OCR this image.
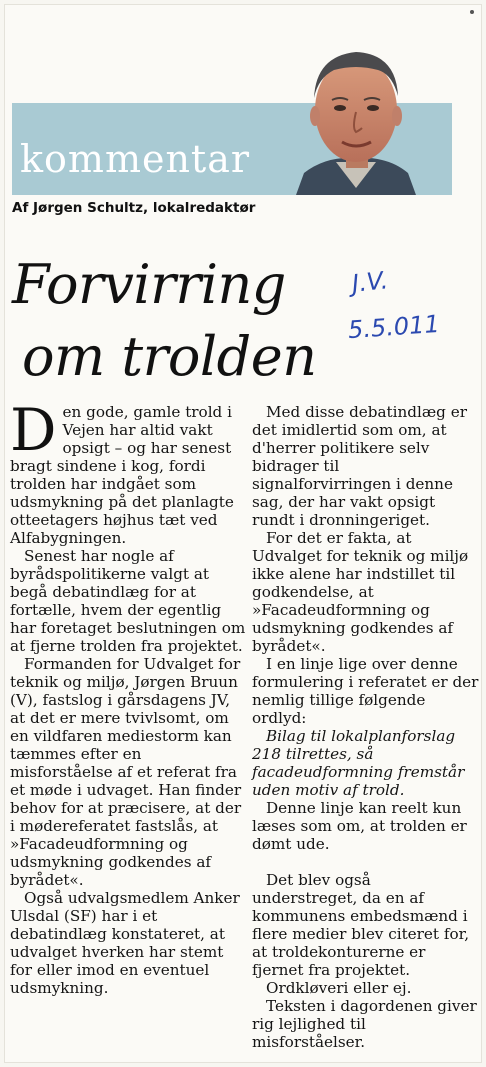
kommentar
Af Jørgen Schultz, lokalredaktør
Forvirring
om trolden
J.V.
5.5.011

Den gode, gamle trold i Vejen har altid vakt opsigt – og har senest bragt sindene i kog, fordi trolden har indgået som udsmykning på det planlagte otteetagers højhus tæt ved Alfabygningen.

Senest har nogle af byrådspolitikerne valgt at begå debatindlæg for at fortælle, hvem der egentlig har foretaget beslutningen om at fjerne trolden fra projektet.

Formanden for Udvalget for teknik og miljø, Jørgen Bruun (V), fastslog i gårsdagens JV, at det er mere tvivlsomt, om en vildfaren mediestorm kan tæmmes efter en misforståelse af et referat fra et møde i udvaget. Han finder behov for at præcisere, at der i mødereferatet fastslås, at »Facadeudformning og udsmykning godkendes af byrådet«.

Også udvalgsmedlem Anker Ulsdal (SF) har i et debatindlæg konstateret, at udvalget hverken har stemt for eller imod en eventuel udsmykning.

Med disse debatindlæg er det imidlertid som om, at d'herrer politikere selv bidrager til signalforvirringen i denne sag, der har vakt opsigt rundt i dronningeriget.

For det er fakta, at Udvalget for teknik og miljø ikke alene har indstillet til godkendelse, at »Facadeudformning og udsmykning godkendes af byrådet«.

I en linje lige over denne formulering i referatet er der nemlig tillige følgende ordlyd:

Bilag til lokalplanforslag 218 tilrettes, så facadeudformning fremstår uden motiv af trold.

Denne linje kan reelt kun læses som om, at trolden er dømt ude.

Det blev også understreget, da en af kommunens embedsmænd i flere medier blev citeret for, at troldekonturerne er fjernet fra projektet.

Ordkløveri eller ej.

Teksten i dagordenen giver rig lejlighed til misforståelser.
